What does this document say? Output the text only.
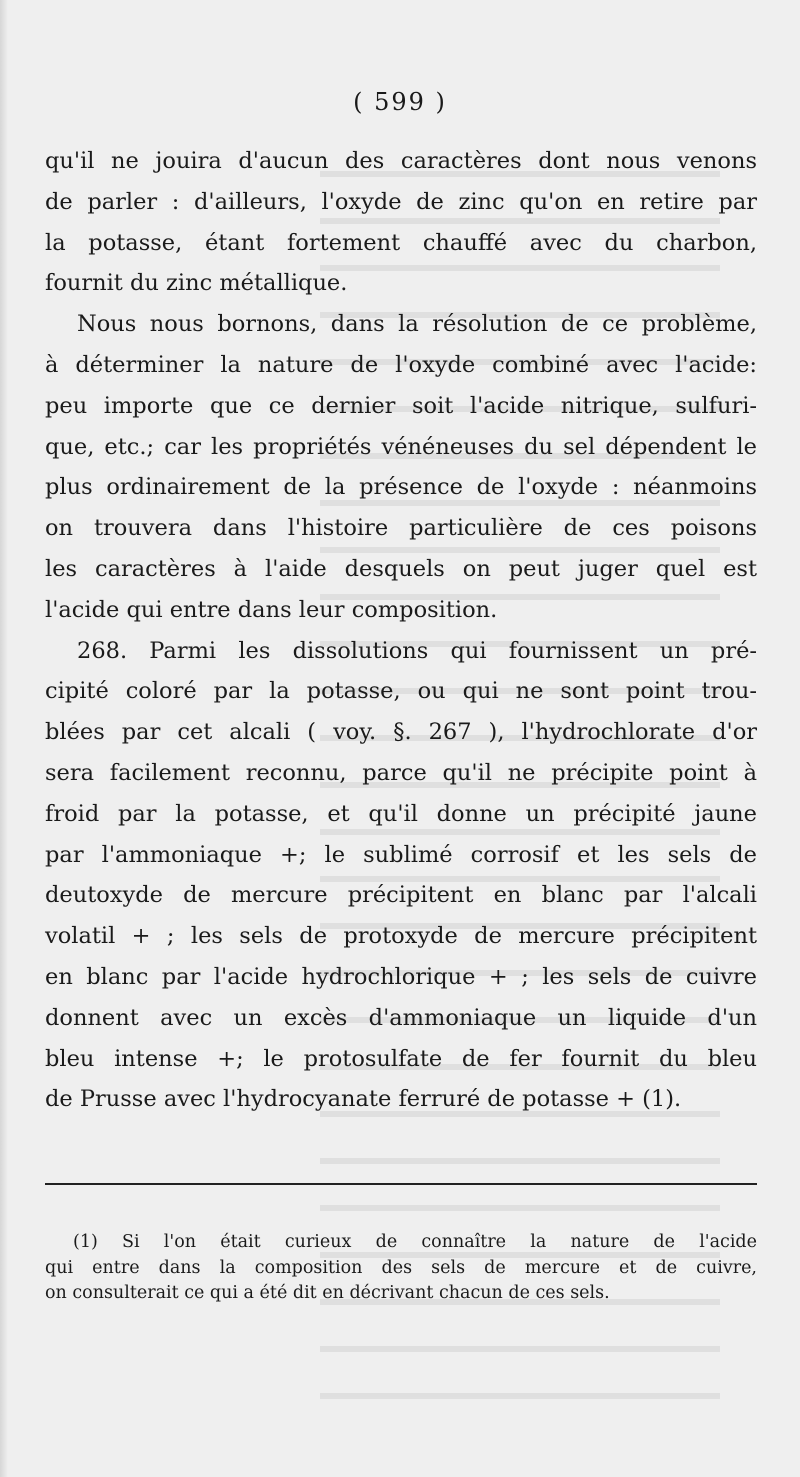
( 599 )
qu'il ne jouira d'aucun des caractères dont nous venons
de parler : d'ailleurs, l'oxyde de zinc qu'on en retire par
la potasse, étant fortement chauffé avec du charbon,
fournit du zinc métallique.
Nous nous bornons, dans la résolution de ce problème,
à déterminer la nature de l'oxyde combiné avec l'acide:
peu importe que ce dernier soit l'acide nitrique, sulfuri-
que, etc.; car les propriétés vénéneuses du sel dépendent le
plus ordinairement de la présence de l'oxyde : néanmoins
on trouvera dans l'histoire particulière de ces poisons
les caractères à l'aide desquels on peut juger quel est
l'acide qui entre dans leur composition.
268. Parmi les dissolutions qui fournissent un pré-
cipité coloré par la potasse, ou qui ne sont point trou-
blées par cet alcali ( voy. §. 267 ), l'hydrochlorate d'or
sera facilement reconnu, parce qu'il ne précipite point à
froid par la potasse, et qu'il donne un précipité jaune
par l'ammoniaque +; le sublimé corrosif et les sels de
deutoxyde de mercure précipitent en blanc par l'alcali
volatil + ; les sels de protoxyde de mercure précipitent
en blanc par l'acide hydrochlorique + ; les sels de cuivre
donnent avec un excès d'ammoniaque un liquide d'un
bleu intense +; le protosulfate de fer fournit du bleu
de Prusse avec l'hydrocyanate ferruré de potasse + (1).
(1) Si l'on était curieux de connaître la nature de l'acide
qui entre dans la composition des sels de mercure et de cuivre,
on consulterait ce qui a été dit en décrivant chacun de ces sels.
